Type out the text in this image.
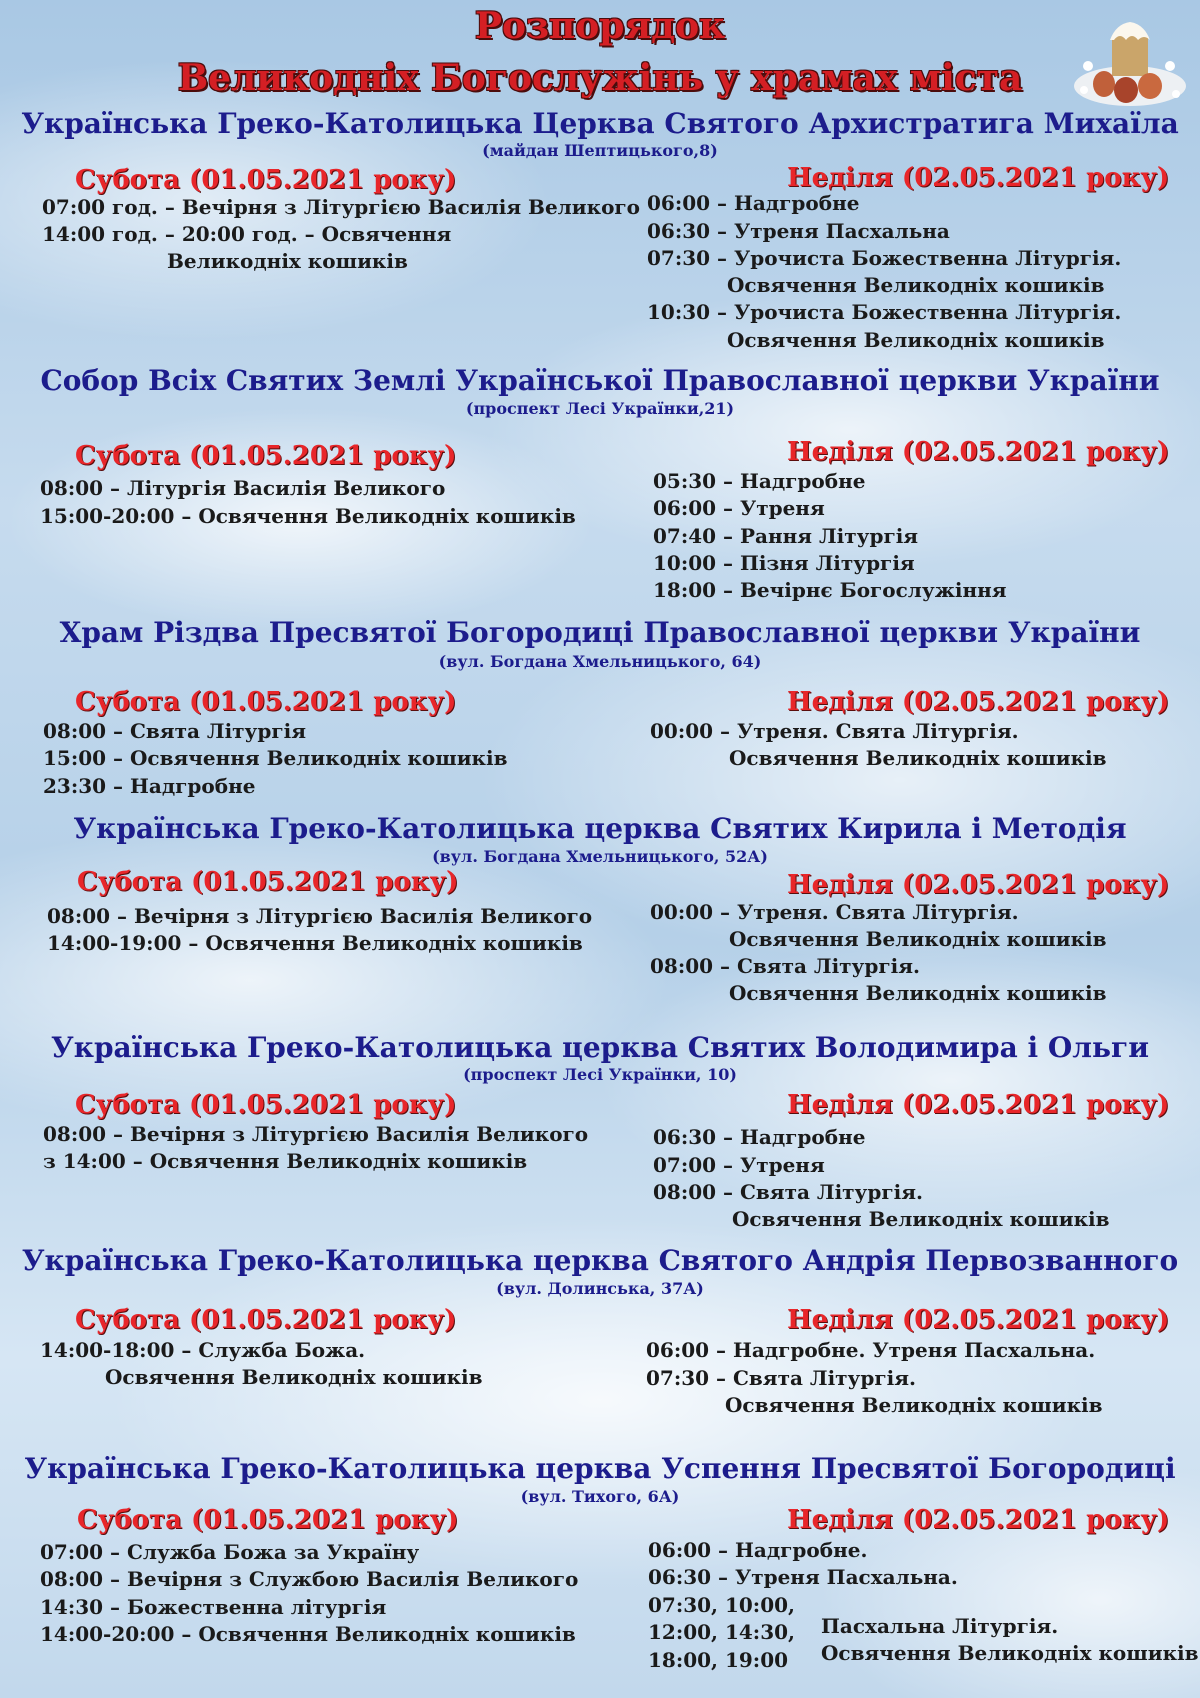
Розпорядок
Великодніх Богослужінь у храмах міста
Українська Греко-Католицька Церква Святого Архистратига Михаїла
(майдан Шептицького,8)
Субота (01.05.2021 року)	Неділя (02.05.2021 року)
07:00 год. – Вечірня з Літургією Василія Великого
14:00 год. – 20:00 год. – Освячення
Великодніх кошиків
06:00 – Надгробне
06:30 – Утреня Пасхальна
07:30 – Урочиста Божественна Літургія.
Освячення Великодніх кошиків
10:30 – Урочиста Божественна Літургія.
Освячення Великодніх кошиків
Собор Всіх Святих Землі Української Православної церкви України
(проспект Лесі Українки,21)
Субота (01.05.2021 року)	Неділя (02.05.2021 року)
08:00 – Літургія Василія Великого
15:00-20:00 – Освячення Великодніх кошиків
05:30 – Надгробне
06:00 – Утреня
07:40 – Рання Літургія
10:00 – Пізня Літургія
18:00 – Вечірнє Богослужіння
Храм Різдва Пресвятої Богородиці Православної церкви України
(вул. Богдана Хмельницького, 64)
Субота (01.05.2021 року)	Неділя (02.05.2021 року)
08:00 – Свята Літургія
15:00 – Освячення Великодніх кошиків
23:30 – Надгробне
00:00 – Утреня. Свята Літургія.
Освячення Великодніх кошиків
Українська Греко-Католицька церква Святих Кирила і Методія
(вул. Богдана Хмельницького, 52А)
Субота (01.05.2021 року)	Неділя (02.05.2021 року)
08:00 – Вечірня з Літургією Василія Великого
14:00-19:00 – Освячення Великодніх кошиків
00:00 – Утреня. Свята Літургія.
Освячення Великодніх кошиків
08:00 – Свята Літургія.
Освячення Великодніх кошиків
Українська Греко-Католицька церква Святих Володимира і Ольги
(проспект Лесі Українки, 10)
Субота (01.05.2021 року)	Неділя (02.05.2021 року)
08:00 – Вечірня з Літургією Василія Великого
з 14:00 – Освячення Великодніх кошиків
06:30 – Надгробне
07:00 – Утреня
08:00 – Свята Літургія.
Освячення Великодніх кошиків
Українська Греко-Католицька церква Святого Андрія Первозванного
(вул. Долинська, 37А)
Субота (01.05.2021 року)	Неділя (02.05.2021 року)
14:00-18:00 – Служба Божа.
Освячення Великодніх кошиків
06:00 – Надгробне. Утреня Пасхальна.
07:30 – Свята Літургія.
Освячення Великодніх кошиків
Українська Греко-Католицька церква Успення Пресвятої Богородиці
(вул. Тихого, 6А)
Субота (01.05.2021 року)	Неділя (02.05.2021 року)
07:00 – Служба Божа за Україну
08:00 – Вечірня з Службою Василія Великого
14:30 – Божественна літургія
14:00-20:00 – Освячення Великодніх кошиків
06:00 – Надгробне.
06:30 – Утреня Пасхальна.
07:30, 10:00,
12:00, 14:30,
18:00, 19:00
Пасхальна Літургія.
Освячення Великодніх кошиків
